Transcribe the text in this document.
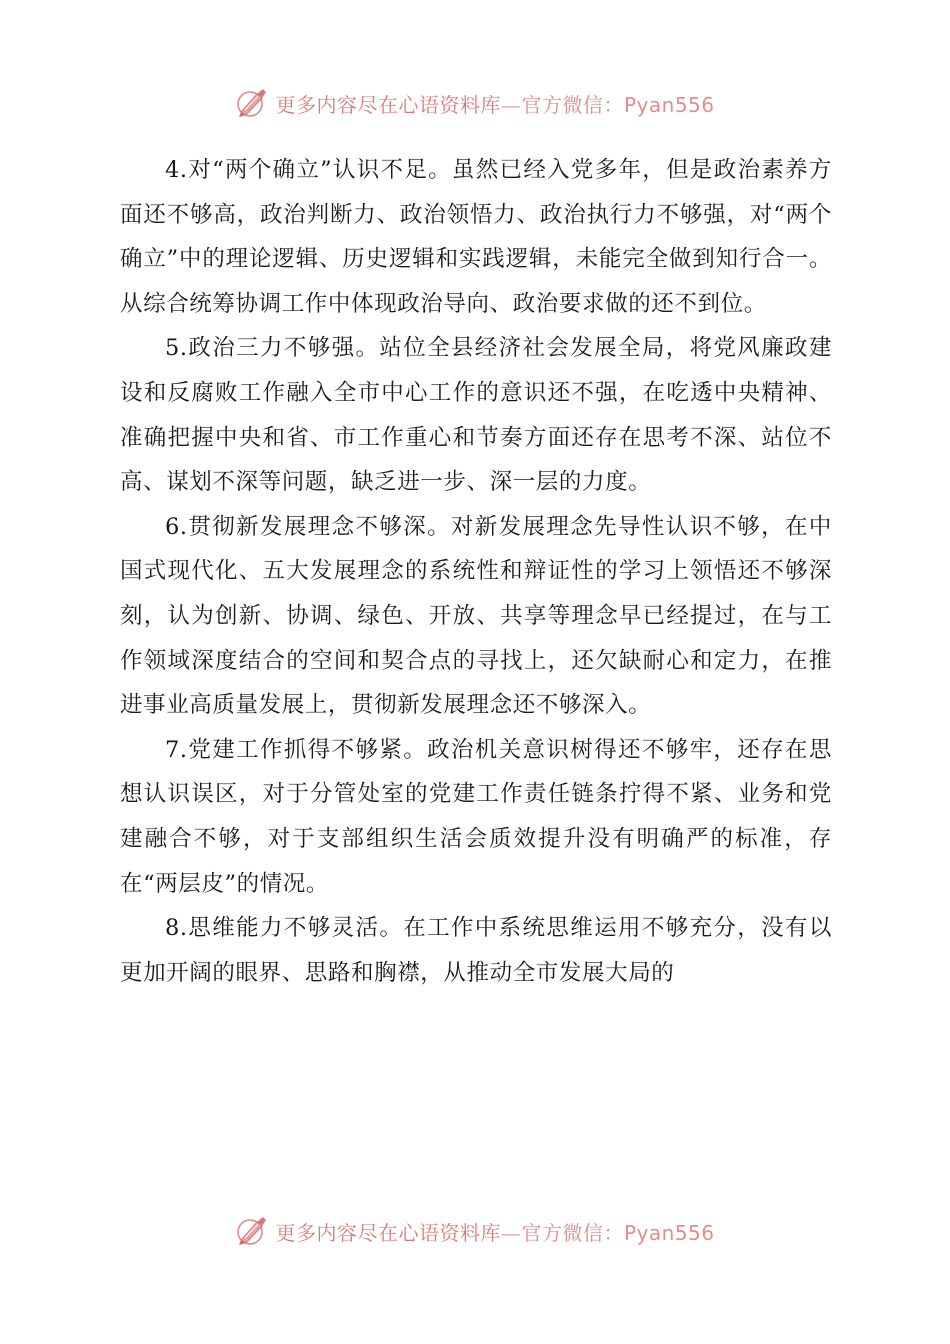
更多内容尽在心语资料库—官方微信：Pyan556

4.对“两个确立”认识不足。虽然已经入党多年，但是政治素养方面还不够高，政治判断力、政治领悟力、政治执行力不够强，对“两个确立”中的理论逻辑、历史逻辑和实践逻辑，未能完全做到知行合一。从综合统筹协调工作中体现政治导向、政治要求做的还不到位。

5.政治三力不够强。站位全县经济社会发展全局，将党风廉政建设和反腐败工作融入全市中心工作的意识还不强，在吃透中央精神、准确把握中央和省、市工作重心和节奏方面还存在思考不深、站位不高、谋划不深等问题，缺乏进一步、深一层的力度。

6.贯彻新发展理念不够深。对新发展理念先导性认识不够，在中国式现代化、五大发展理念的系统性和辩证性的学习上领悟还不够深刻，认为创新、协调、绿色、开放、共享等理念早已经提过，在与工作领域深度结合的空间和契合点的寻找上，还欠缺耐心和定力，在推进事业高质量发展上，贯彻新发展理念还不够深入。

7.党建工作抓得不够紧。政治机关意识树得还不够牢，还存在思想认识误区，对于分管处室的党建工作责任链条拧得不紧、业务和党建融合不够，对于支部组织生活会质效提升没有明确严的标准，存在“两层皮”的情况。

8.思维能力不够灵活。在工作中系统思维运用不够充分，没有以更加开阔的眼界、思路和胸襟，从推动全市发展大局的

更多内容尽在心语资料库—官方微信：Pyan556
